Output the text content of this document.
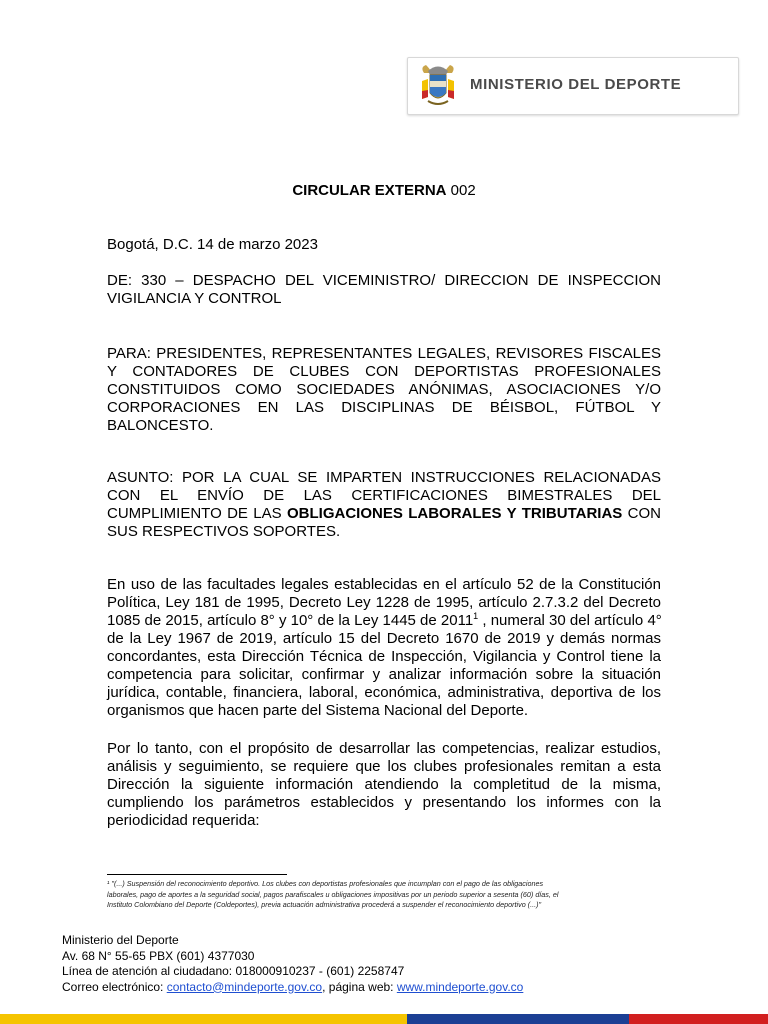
MINISTERIO DEL DEPORTE
CIRCULAR EXTERNA 002
Bogotá, D.C. 14 de marzo 2023
DE: 330 – DESPACHO DEL VICEMINISTRO/ DIRECCION DE INSPECCION
VIGILANCIA Y CONTROL
PARA: PRESIDENTES, REPRESENTANTES LEGALES, REVISORES FISCALES
Y CONTADORES DE CLUBES CON DEPORTISTAS PROFESIONALES
CONSTITUIDOS COMO SOCIEDADES ANÓNIMAS, ASOCIACIONES Y/O
CORPORACIONES EN LAS DISCIPLINAS DE BÉISBOL, FÚTBOL Y
BALONCESTO.
ASUNTO: POR LA CUAL SE IMPARTEN INSTRUCCIONES RELACIONADAS
CON EL ENVÍO DE LAS CERTIFICACIONES BIMESTRALES DEL
CUMPLIMIENTO DE LAS OBLIGACIONES LABORALES Y TRIBUTARIAS CON
SUS RESPECTIVOS SOPORTES.
En uso de las facultades legales establecidas en el artículo 52 de la Constitución
Política, Ley 181 de 1995, Decreto Ley 1228 de 1995, artículo 2.7.3.2 del Decreto
1085 de 2015, artículo 8° y 10° de la Ley 1445 de 2011$^1$ , numeral 30 del artículo 4°
de la Ley 1967 de 2019, artículo 15 del Decreto 1670 de 2019 y demás normas
concordantes, esta Dirección Técnica de Inspección, Vigilancia y Control tiene la
competencia para solicitar, confirmar y analizar información sobre la situación
jurídica, contable, financiera, laboral, económica, administrativa, deportiva de los
organismos que hacen parte del Sistema Nacional del Deporte.
Por lo tanto, con el propósito de desarrollar las competencias, realizar estudios,
análisis y seguimiento, se requiere que los clubes profesionales remitan a esta
Dirección la siguiente información atendiendo la completitud de la misma,
cumpliendo los parámetros establecidos y presentando los informes con la
periodicidad requerida:
¹ "(...) Suspensión del reconocimiento deportivo. Los clubes con deportistas profesionales que incumplan con el pago de las obligaciones
laborales, pago de aportes a la seguridad social, pagos parafiscales u obligaciones impositivas por un periodo superior a sesenta (60) días, el
Instituto Colombiano del Deporte (Coldeportes), previa actuación administrativa procederá a suspender el reconocimiento deportivo (...)"
Ministerio del Deporte
Av. 68 N° 55-65 PBX (601) 4377030
Línea de atención al ciudadano: 018000910237 - (601) 2258747
Correo electrónico: contacto@mindeporte.gov.co, página web: www.mindeporte.gov.co
